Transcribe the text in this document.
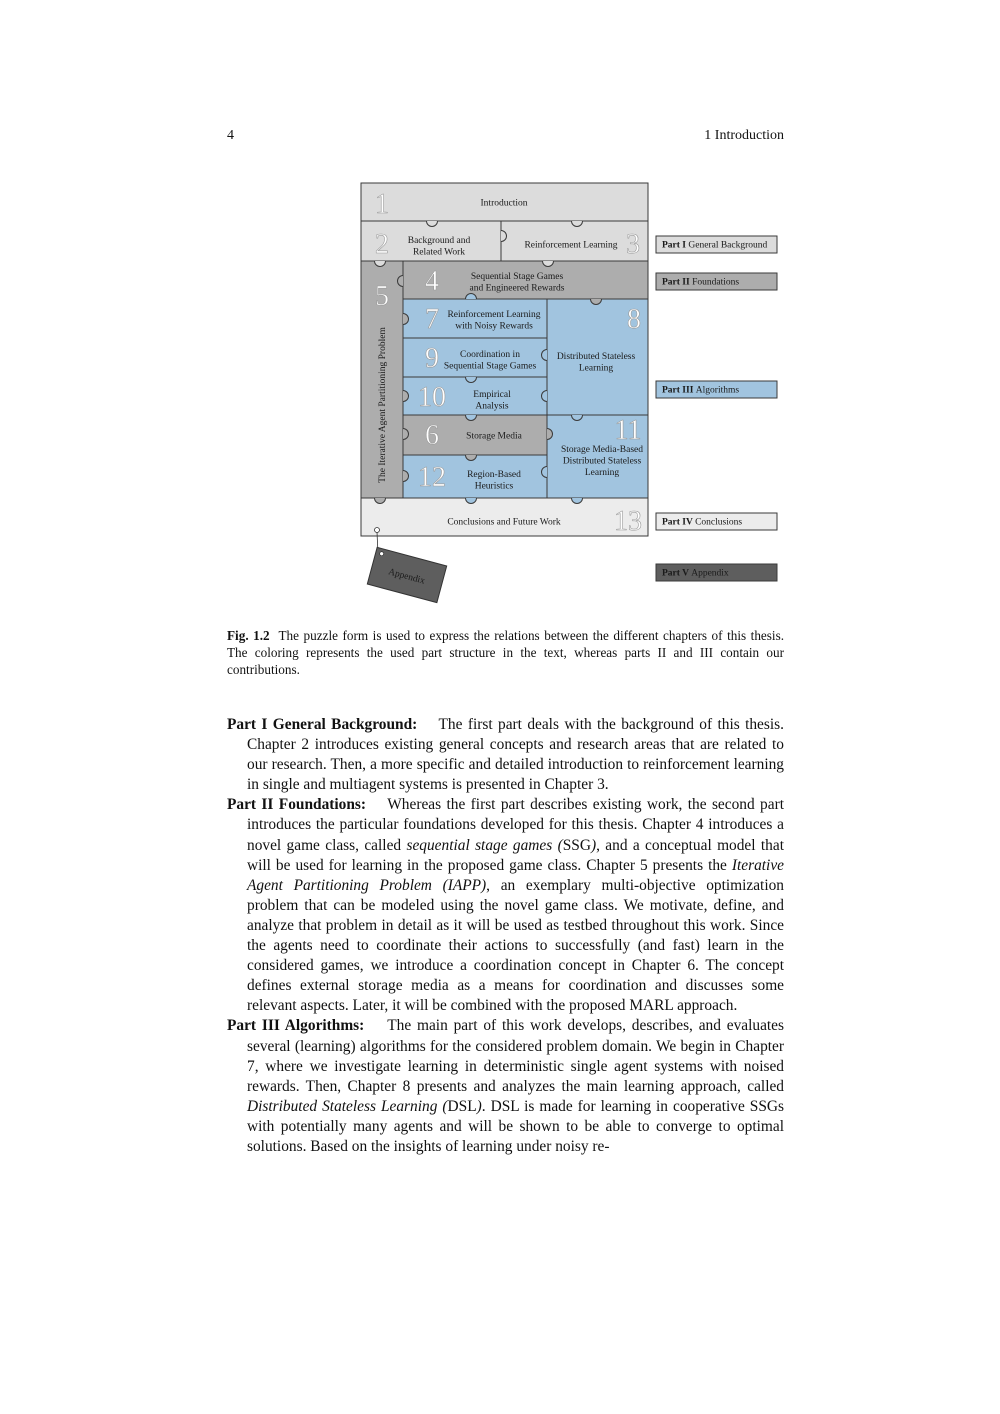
4	1 Introduction
Introduction
1
Background and Related Work
2	Reinforcement Learning 3
Sequential Stage Games and Engineered Rewards
4
5
The Iterative Agent Partitioning Problem
Reinforcement Learning with Noisy Rewards
7
Distributed Stateless Learning
8
Coordination in Sequential Stage Games
9
Empirical Analysis
10
Storage Media
6	Storage Media-Based Distributed Stateless Learning
11
Region-Based Heuristics
12
Conclusions and Future Work 13
Appendix
Part I General Background
Part II Foundations
Part III Algorithms
Part IV Conclusions
Part V Appendix
Fig. 1.2 The puzzle form is used to express the relations between the different chapters of this thesis. The coloring represents the used part structure in the text, whereas parts II and III contain our contributions.

Part I General Background: The first part deals with the background of this thesis. Chapter 2 introduces existing general concepts and research areas that are related to our research. Then, a more specific and detailed introduction to reinforcement learning in single and multiagent systems is presented in Chapter 3.

Part II Foundations: Whereas the first part describes existing work, the second part introduces the particular foundations developed for this thesis. Chapter 4 introduces a novel game class, called sequential stage games (SSG), and a conceptual model that will be used for learning in the proposed game class. Chapter 5 presents the Iterative Agent Partitioning Problem (IAPP), an exemplary multi-objective optimization problem that can be modeled using the novel game class. We motivate, define, and analyze that problem in detail as it will be used as testbed throughout this work. Since the agents need to coordinate their actions to successfully (and fast) learn in the considered games, we introduce a coordination concept in Chapter 6. The concept defines external storage media as a means for coordination and discusses some relevant aspects. Later, it will be combined with the proposed MARL approach.

Part III Algorithms: The main part of this work develops, describes, and evaluates several (learning) algorithms for the considered problem domain. We begin in Chapter 7, where we investigate learning in deterministic single agent systems with noised rewards. Then, Chapter 8 presents and analyzes the main learning approach, called Distributed Stateless Learning (DSL). DSL is made for learning in cooperative SSGs with potentially many agents and will be shown to be able to converge to optimal solutions. Based on the insights of learning under noisy re-
